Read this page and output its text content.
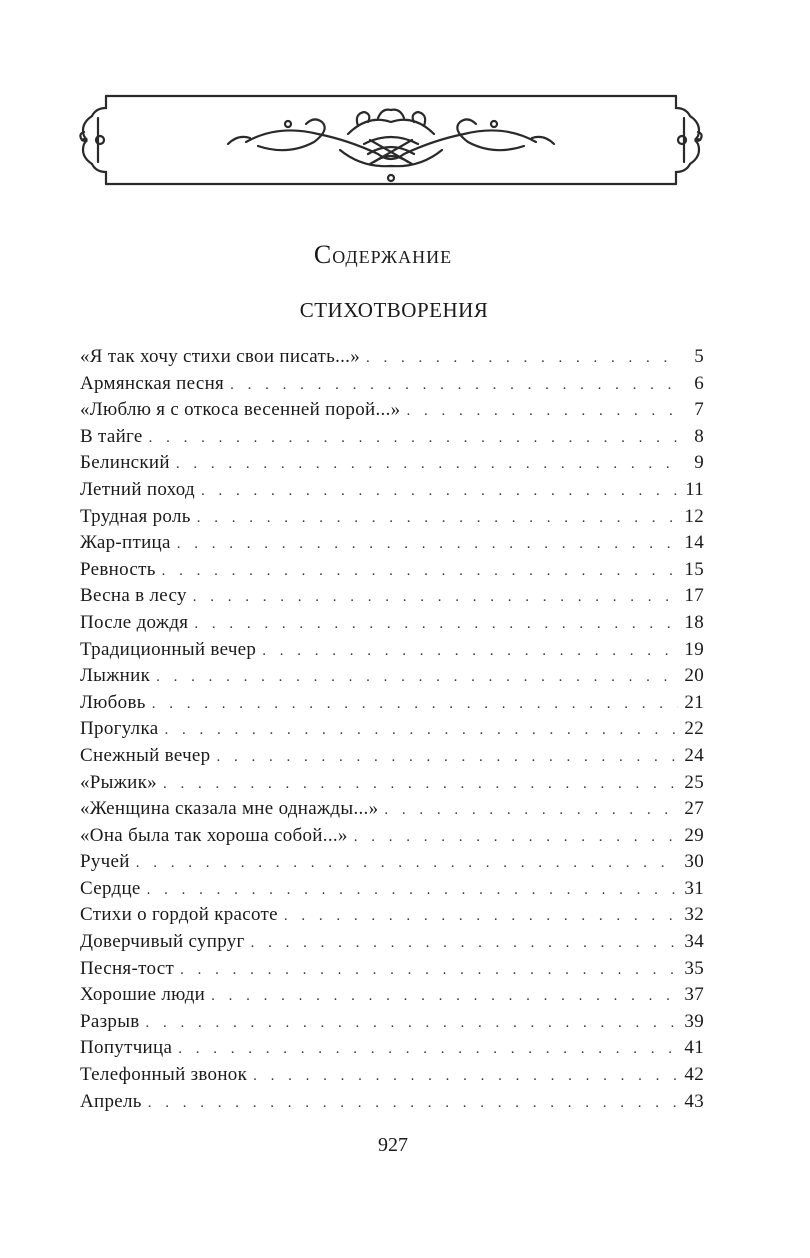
Содержание
СТИХОТВОРЕНИЯ
«Я так хочу стихи свои писать...» . . .	5
Армянская песня . . .	6
«Люблю я с откоса весенней порой...» . . .	7
В тайге . . .	8
Белинский . . .	9
Летний поход . . .	11
Трудная роль . . .	12
Жар-птица . . .	14
Ревность . . .	15
Весна в лесу . . .	17
После дождя . . .	18
Традиционный вечер . . .	19
Лыжник . . .	20
Любовь . . .	21
Прогулка . . .	22
Снежный вечер . . .	24
«Рыжик» . . .	25
«Женщина сказала мне однажды...» . . .	27
«Она была так хороша собой...» . . .	29
Ручей . . .	30
Сердце . . .	31
Стихи о гордой красоте . . .	32
Доверчивый супруг . . .	34
Песня-тост . . .	35
Хорошие люди . . .	37
Разрыв . . .	39
Попутчица . . .	41
Телефонный звонок . . .	42
Апрель . . .	43
927
